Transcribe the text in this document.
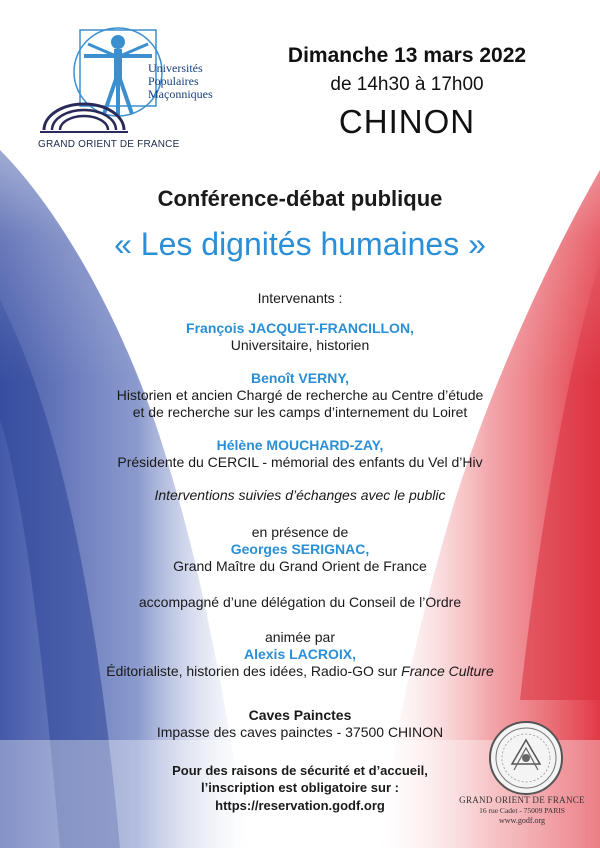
Universités
Populaires
Maçonniques
GRAND ORIENT DE FRANCE
Dimanche 13 mars 2022
de 14h30 à 17h00
CHINON
Conférence-débat publique
« Les dignités humaines »
Intervenants :
François JACQUET-FRANCILLON,
Universitaire, historien
Benoît VERNY,
Historien et ancien Chargé de recherche au Centre d’étude
et de recherche sur les camps d’internement du Loiret
Hélène MOUCHARD-ZAY,
Présidente du CERCIL - mémorial des enfants du Vel d’Hiv
Interventions suivies d’échanges avec le public
en présence de
Georges SERIGNAC,
Grand Maître du Grand Orient de France
accompagné d’une délégation du Conseil de l’Ordre
animée par
Alexis LACROIX,
Éditorialiste, historien des idées, Radio-GO sur France Culture
Caves Painctes
Impasse des caves painctes - 37500 CHINON
Pour des raisons de sécurité et d’accueil,
l’inscription est obligatoire sur :
https://reservation.godf.org	GRAND ORIENT DE FRANCE
16 rue Cadet - 75009 PARIS
www.godf.org
